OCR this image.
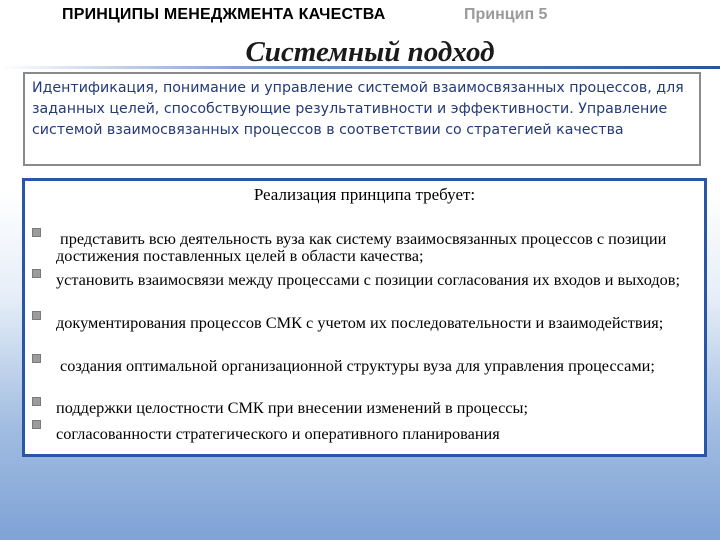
ПРИНЦИПЫ МЕНЕДЖМЕНТА КАЧЕСТВА	Принцип 5
Системный подход

Идентификация, понимание и управление системой взаимосвязанных процессов, для заданных целей, способствующие результативности и эффективности. Управление системой взаимосвязанных процессов в соответствии со стратегией качества

Реализация принципа требует:
представить всю деятельность вуза как систему взаимосвязанных процессов с позиции достижения поставленных целей в области качества;
установить взаимосвязи между процессами с позиции согласования их входов и выходов;
документирования процессов СМК с учетом их последовательности и взаимодействия;
создания оптимальной организационной структуры вуза для управления процессами;
поддержки целостности СМК при внесении изменений в процессы;
согласованности стратегического и оперативного планирования
